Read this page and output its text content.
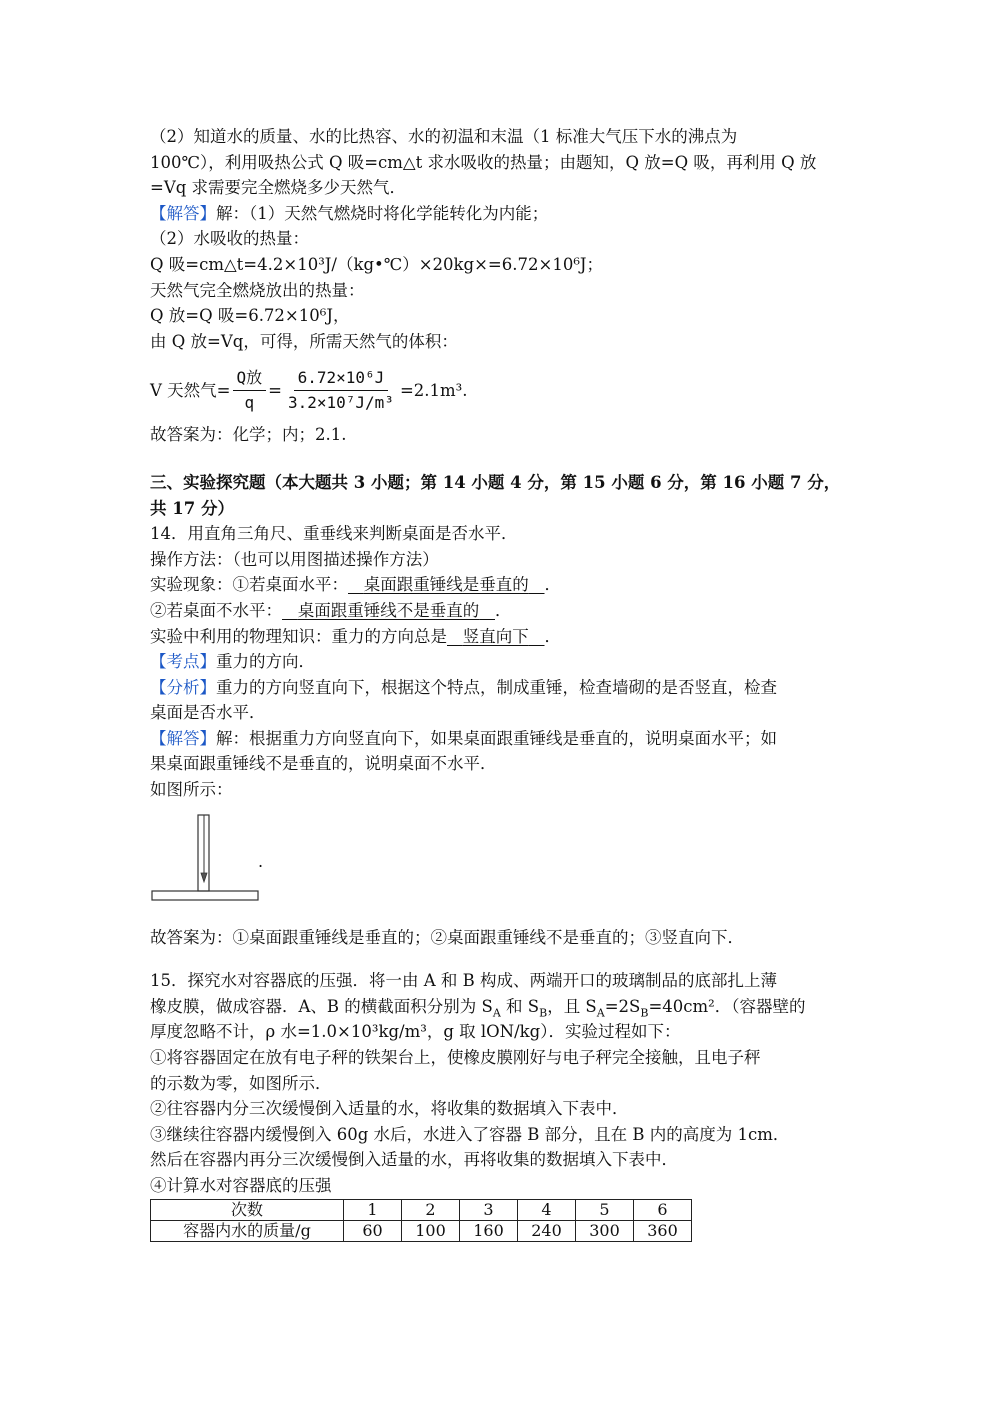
（2）知道水的质量、水的比热容、水的初温和末温（1 标准大气压下水的沸点为
100℃），利用吸热公式 Q 吸=cm△t 求水吸收的热量；由题知，Q 放=Q 吸，再利用 Q 放
=Vq 求需要完全燃烧多少天然气．
【解答】解：（1）天然气燃烧时将化学能转化为内能；
（2）水吸收的热量：
Q 吸=cm△t=4.2×10³J/（kg•℃）×20kg×=6.72×10⁶J；
天然气完全燃烧放出的热量：
Q 放=Q 吸=6.72×10⁶J，
由 Q 放=Vq，可得，所需天然气的体积：
V 天然气= $\frac{\text{Q放}}{q} = \frac{\text{6.72×10⁶J}}{\text{3.2×10⁷J/m³}} =2.1m^3$.
故答案为：化学；内；2.1.
三、实验探究题（本大题共 3 小题；第 14 小题 4 分，第 15 小题 6 分，第 16 小题 7 分，
共 17 分）
14．用直角三角尺、重垂线来判断桌面是否水平．
操作方法：（也可以用图描述操作方法）
实验现象：①若桌面水平： 桌面跟重锤线是垂直的 ．
②若桌面不水平： 桌面跟重锤线不是垂直的 ．
实验中利用的物理知识：重力的方向总是 竖直向下 ．
【考点】重力的方向．
【分析】重力的方向竖直向下，根据这个特点，制成重锤，检查墙砌的是否竖直，检查
桌面是否水平．
【解答】解：根据重力方向竖直向下，如果桌面跟重锤线是垂直的，说明桌面水平；如
果桌面跟重锤线不是垂直的，说明桌面不水平．
如图所示：
.
故答案为：①桌面跟重锤线是垂直的；②桌面跟重锤线不是垂直的；③竖直向下．
15．探究水对容器底的压强．将一由 A 和 B 构成、两端开口的玻璃制品的底部扎上薄
橡皮膜，做成容器．A、B 的横截面积分别为 $S_A$ 和 $S_B$，且 $S_A=2S_B=40cm^2$．（容器壁的
厚度忽略不计，ρ 水=1.0×10³kg/m³，g 取 lON/kg）．实验过程如下：
①将容器固定在放有电子秤的铁架台上，使橡皮膜刚好与电子秤完全接触，且电子秤
的示数为零，如图所示．
②往容器内分三次缓慢倒入适量的水，将收集的数据填入下表中．
③继续往容器内缓慢倒入 60g 水后，水进入了容器 B 部分，且在 B 内的高度为 1cm．
然后在容器内再分三次缓慢倒入适量的水，再将收集的数据填入下表中．
④计算水对容器底的压强
次数	1	2	3	4	5	6
容器内水的质量/g	60	100	160	240	300	360
